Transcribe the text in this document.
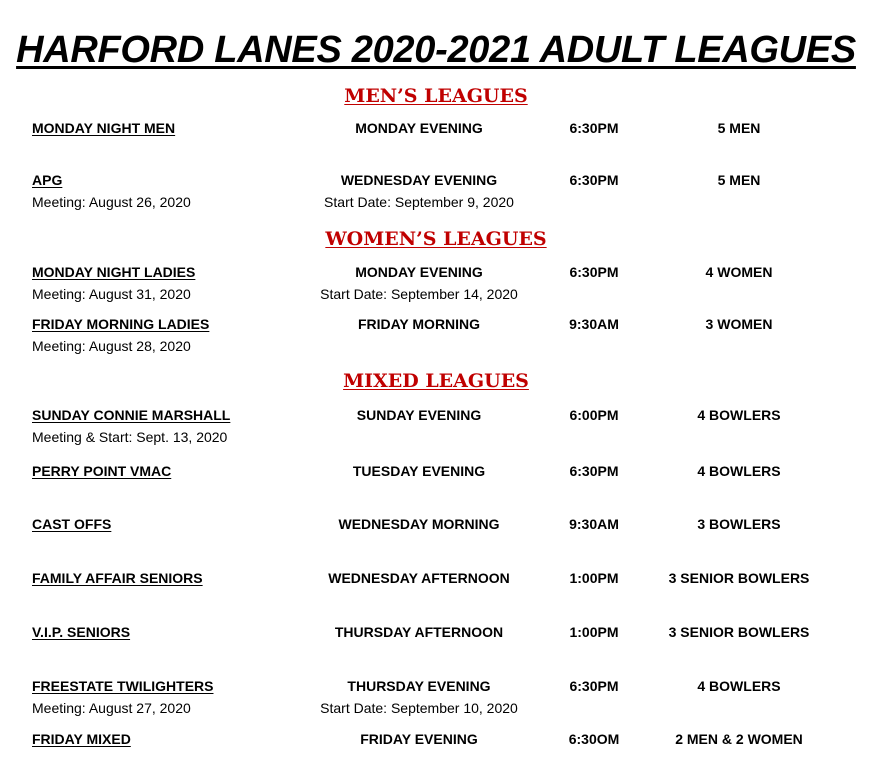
HARFORD LANES 2020-2021 ADULT LEAGUES
MEN’S LEAGUES
WOMEN’S LEAGUES
MIXED LEAGUES
MONDAY NIGHT MEN	MONDAY EVENING	6:30PM	5 MEN
APG	WEDNESDAY EVENING	6:30PM	5 MEN
Meeting: August 26, 2020	Start Date: September 9, 2020
MONDAY NIGHT LADIES	MONDAY EVENING	6:30PM	4 WOMEN
Meeting: August 31, 2020	Start Date: September 14, 2020
FRIDAY MORNING LADIES	FRIDAY MORNING	9:30AM	3 WOMEN
Meeting: August 28, 2020
SUNDAY CONNIE MARSHALL	SUNDAY EVENING	6:00PM	4 BOWLERS
Meeting & Start: Sept. 13, 2020
PERRY POINT VMAC	TUESDAY EVENING	6:30PM	4 BOWLERS
CAST OFFS	WEDNESDAY MORNING	9:30AM	3 BOWLERS
FAMILY AFFAIR SENIORS	WEDNESDAY AFTERNOON	1:00PM	3 SENIOR BOWLERS
V.I.P. SENIORS	THURSDAY AFTERNOON	1:00PM	3 SENIOR BOWLERS
FREESTATE TWILIGHTERS	THURSDAY EVENING	6:30PM	4 BOWLERS
Meeting: August 27, 2020	Start Date: September 10, 2020
FRIDAY MIXED	FRIDAY EVENING	6:30OM	2 MEN & 2 WOMEN
